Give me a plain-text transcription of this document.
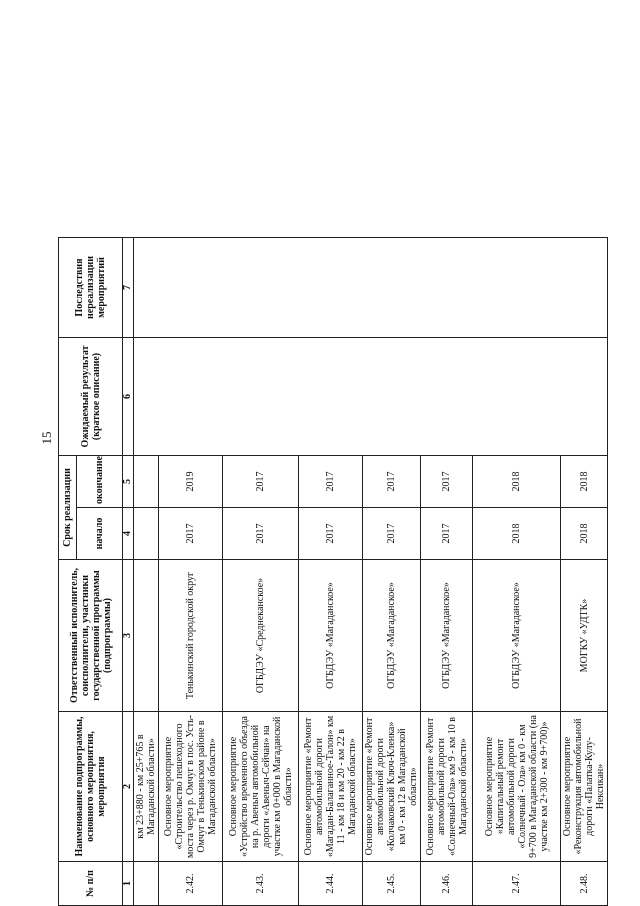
15
№ п/п	Наименование подпрограммы, основного мероприятия, мероприятия	Ответственный исполнитель, соисполнители, участники государственной программы (подпрограммы)	Срок реализации		Ожидаемый результат (краткое описание)	Последствия нереализации мероприятий	
			начало	окончание			
1	2	3	4	5	6	7	
	км 23+880 - км 25+765 в Магаданской области»						
2.42.	Основное мероприятие «Строительство пешеходного моста через р. Омчуг в пос. Усть-Омчуг в Тенькинском районе в Магаданской области»	Тенькинский городской округ	2017	2019			
2.43.	Основное мероприятие «Устройство временного объезда на р. Авеныч автомобильной дороги «Авеныч-Сейчан» на участке км 0+000 в Магаданской области»	ОГБДЭУ «Среднеканское»	2017	2017			
2.44.	Основное мероприятие «Ремонт автомобильной дороги «Магадан-Балаганное-Талон» км 11 - км 18 и км 20 - км 22 в Магаданской области»	ОГБДЭУ «Магаданское»	2017	2017			
2.45.	Основное мероприятие «Ремонт автомобильной дороги «Колчаковский Ключ-Кленка» км 0 - км 12 в Магаданской области»	ОГБДЭУ «Магаданское»	2017	2017			
2.46.	Основное мероприятие «Ремонт автомобильной дороги «Солнечный-Ола» км 9 - км 10 в Магаданской области»	ОГБДЭУ «Магаданское»	2017	2017			
2.47.	Основное мероприятие «Капитальный ремонт автомобильной дороги «Солнечный - Ола» км 0 - км 9+700 в Магаданской области (на участке км 2+300 - км 9+700)»	ОГБДЭУ «Магаданское»	2018	2018			
2.48.	Основное мероприятие «Реконструкция автомобильной дороги «Палатка-Кулу-Нексикан»	МОГКУ «УДТК»	2018	2018			
